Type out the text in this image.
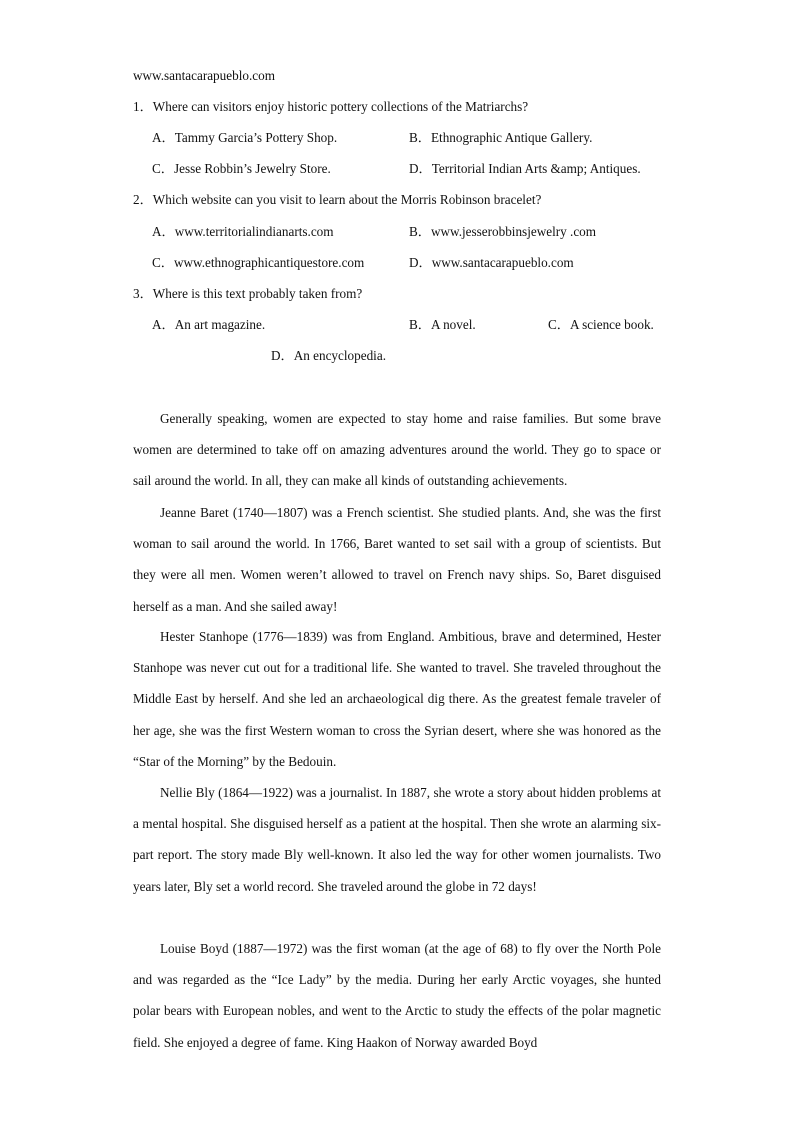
www.santacarapueblo.com
1．Where can visitors enjoy historic pottery collections of the Matriarchs?
A．Tammy Garcia’s Pottery Shop.	B．Ethnographic Antique Gallery.
C．Jesse Robbin’s Jewelry Store.	D．Territorial Indian Arts &amp; Antiques.
2．Which website can you visit to learn about the Morris Robinson bracelet?
A．www.territorialindianarts.com	B．www.jesserobbinsjewelry .com
C．www.ethnographicantiquestore.com	D．www.santacarapueblo.com
3．Where is this text probably taken from?
A．An art magazine.	B．A novel.	C．A science book.
D．An encyclopedia.

Generally speaking, women are expected to stay home and raise families. But some brave women are determined to take off on amazing adventures around the world. They go to space or sail around the world. In all, they can make all kinds of outstanding achievements.

Jeanne Baret (1740—1807) was a French scientist. She studied plants. And, she was the first woman to sail around the world. In 1766, Baret wanted to set sail with a group of scientists. But they were all men. Women weren’t allowed to travel on French navy ships. So, Baret disguised herself as a man. And she sailed away!

Hester Stanhope (1776—1839) was from England. Ambitious, brave and determined, Hester Stanhope was never cut out for a traditional life. She wanted to travel. She traveled throughout the Middle East by herself. And she led an archaeological dig there. As the greatest female traveler of her age, she was the first Western woman to cross the Syrian desert, where she was honored as the “Star of the Morning” by the Bedouin.

Nellie Bly (1864—1922) was a journalist. In 1887, she wrote a story about hidden problems at a mental hospital. She disguised herself as a patient at the hospital. Then she wrote an alarming six-part report. The story made Bly well-known. It also led the way for other women journalists. Two years later, Bly set a world record. She traveled around the globe in 72 days!

Louise Boyd (1887—1972) was the first woman (at the age of 68) to fly over the North Pole and was regarded as the “Ice Lady” by the media. During her early Arctic voyages, she hunted polar bears with European nobles, and went to the Arctic to study the effects of the polar magnetic field. She enjoyed a degree of fame. King Haakon of Norway awarded Boyd
